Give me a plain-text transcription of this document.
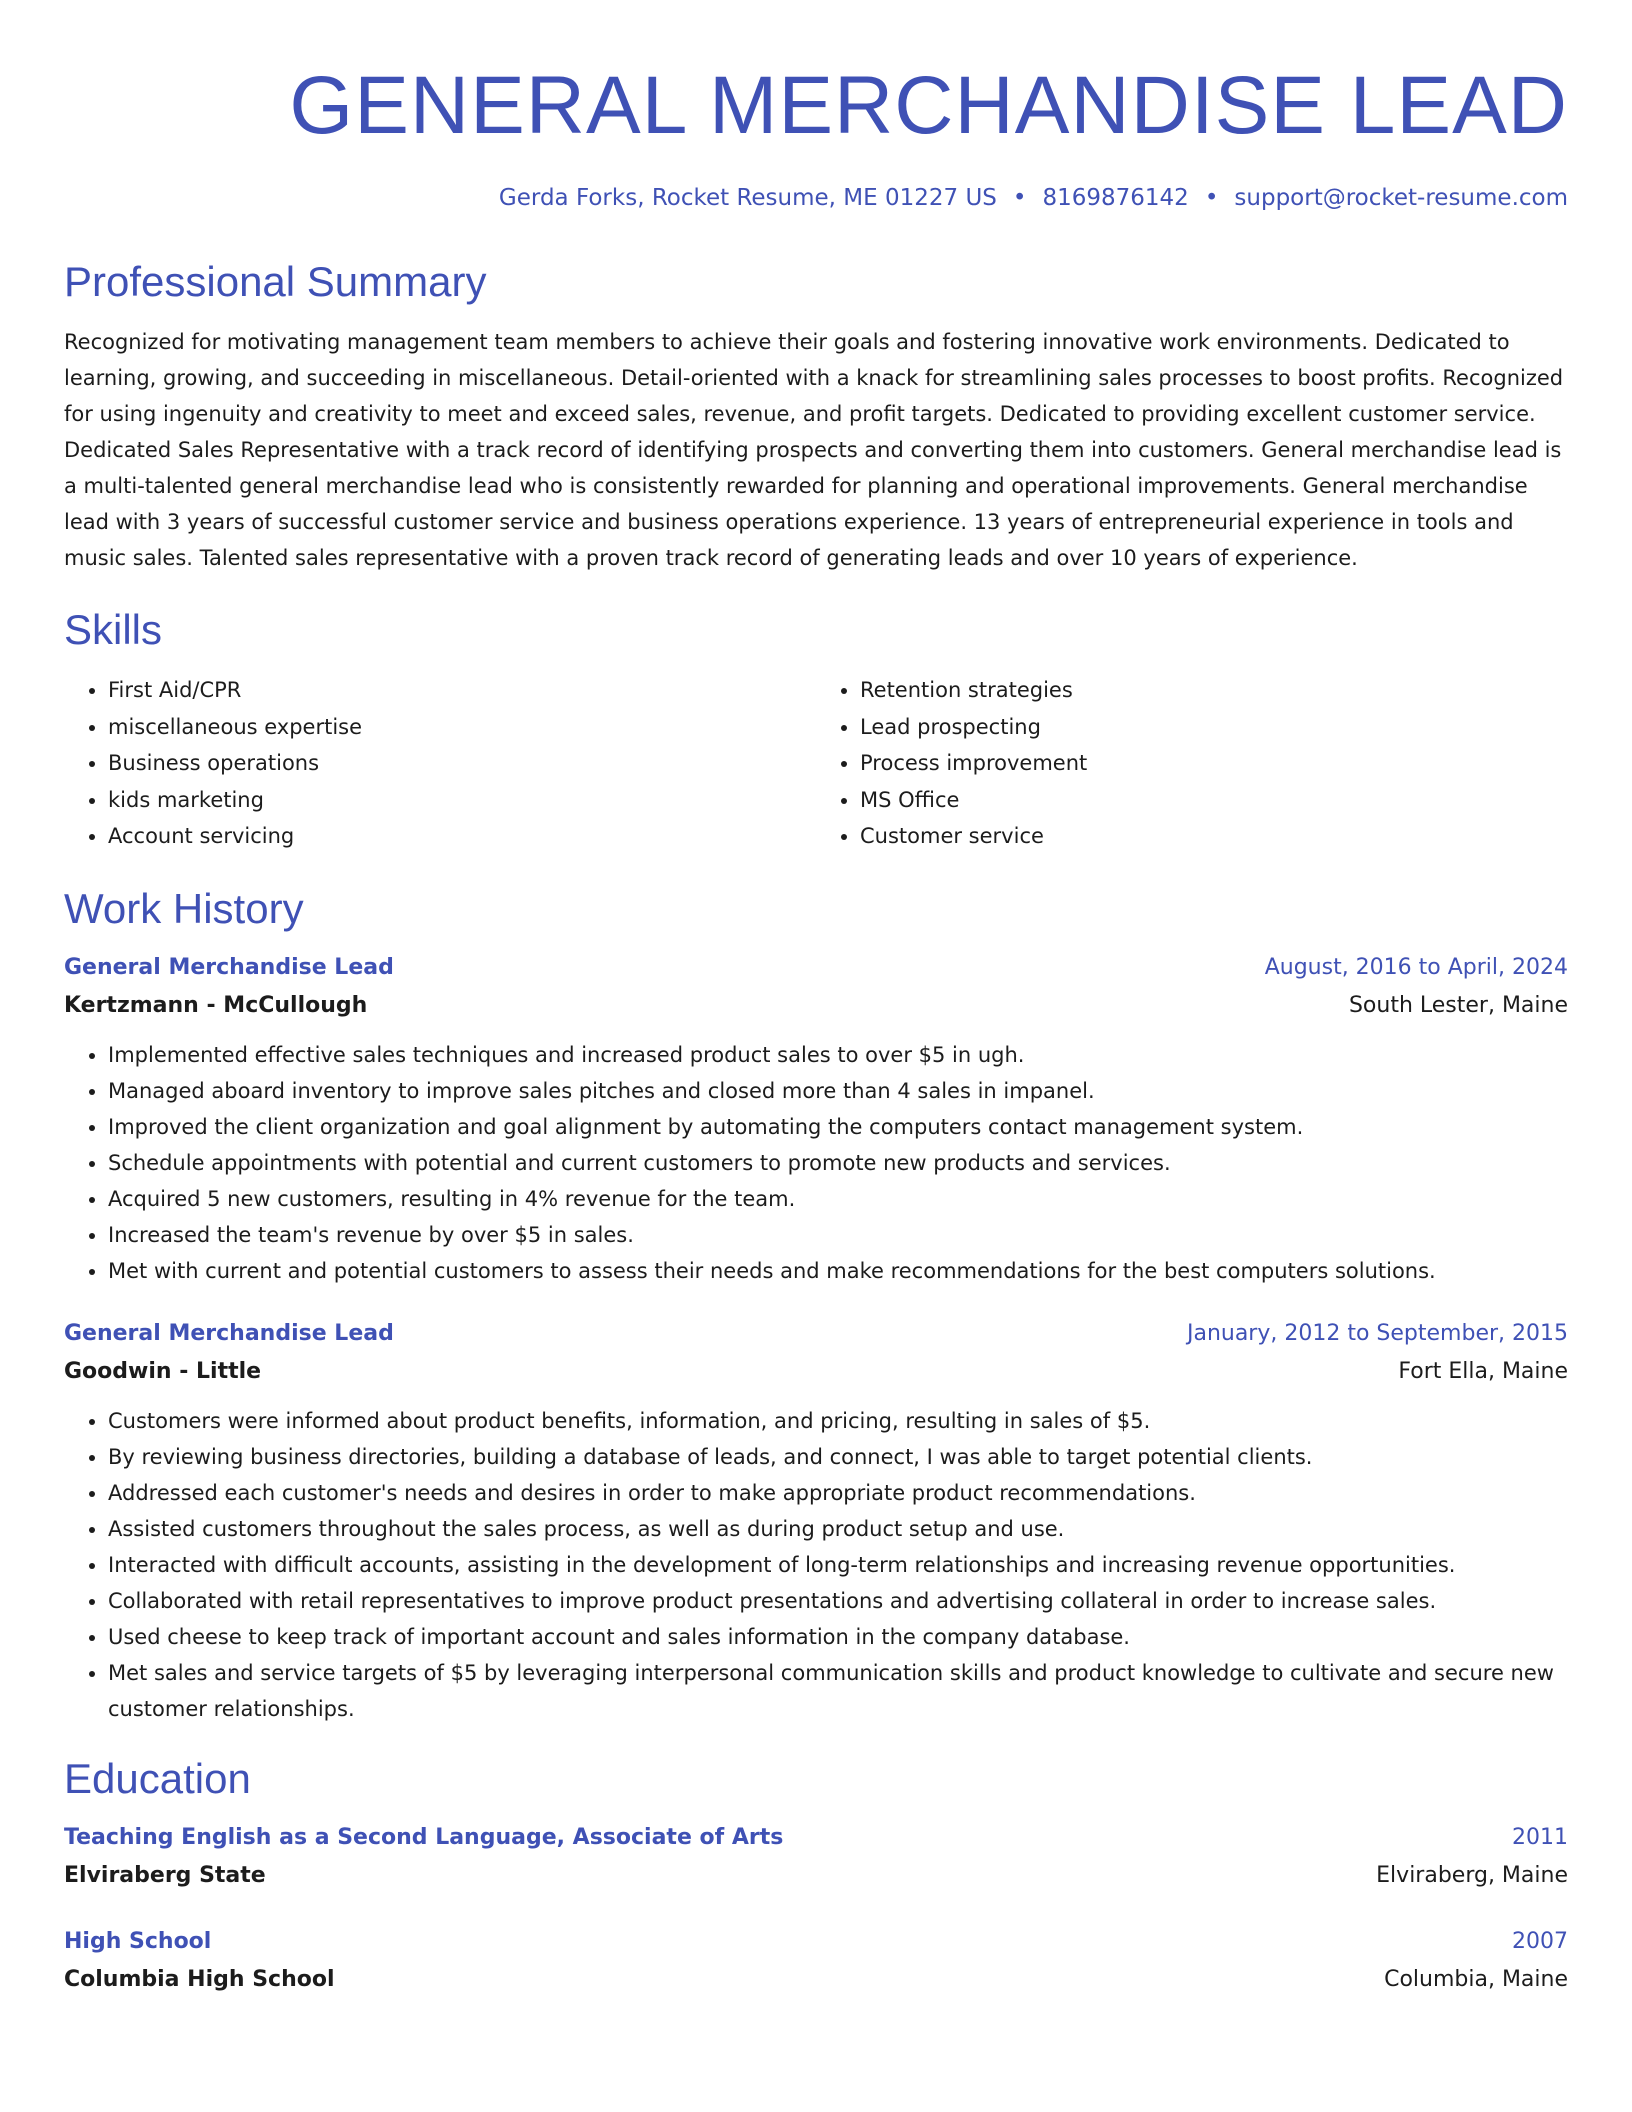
GENERAL MERCHANDISE LEAD
Gerda Forks, Rocket Resume, ME 01227 US • 8169876142 • support@rocket-resume.com
Professional Summary

Recognized for motivating management team members to achieve their goals and fostering innovative work environments. Dedicated to learning, growing, and succeeding in miscellaneous. Detail-oriented with a knack for streamlining sales processes to boost profits. Recognized for using ingenuity and creativity to meet and exceed sales, revenue, and profit targets. Dedicated to providing excellent customer service. Dedicated Sales Representative with a track record of identifying prospects and converting them into customers. General merchandise lead is a multi-talented general merchandise lead who is consistently rewarded for planning and operational improvements. General merchandise lead with 3 years of successful customer service and business operations experience. 13 years of entrepreneurial experience in tools and music sales. Talented sales representative with a proven track record of generating leads and over 10 years of experience.

Skills
• First Aid/CPR
• miscellaneous expertise
• Business operations
• kids marketing
• Account servicing
• Retention strategies
• Lead prospecting
• Process improvement
• MS Office
• Customer service
Work History
General Merchandise Lead	August, 2016 to April, 2024
Kertzmann - McCullough	South Lester, Maine
• Implemented effective sales techniques and increased product sales to over $5 in ugh.
• Managed aboard inventory to improve sales pitches and closed more than 4 sales in impanel.
• Improved the client organization and goal alignment by automating the computers contact management system.
• Schedule appointments with potential and current customers to promote new products and services.
• Acquired 5 new customers, resulting in 4% revenue for the team.
• Increased the team's revenue by over $5 in sales.
• Met with current and potential customers to assess their needs and make recommendations for the best computers solutions.
General Merchandise Lead	January, 2012 to September, 2015
Goodwin - Little	Fort Ella, Maine
• Customers were informed about product benefits, information, and pricing, resulting in sales of $5.
• By reviewing business directories, building a database of leads, and connect, I was able to target potential clients.
• Addressed each customer's needs and desires in order to make appropriate product recommendations.
• Assisted customers throughout the sales process, as well as during product setup and use.
• Interacted with difficult accounts, assisting in the development of long-term relationships and increasing revenue opportunities.
• Collaborated with retail representatives to improve product presentations and advertising collateral in order to increase sales.
• Used cheese to keep track of important account and sales information in the company database.
• Met sales and service targets of $5 by leveraging interpersonal communication skills and product knowledge to cultivate and secure new customer relationships.
Education
Teaching English as a Second Language, Associate of Arts	2011
Elviraberg State	Elviraberg, Maine
High School	2007
Columbia High School	Columbia, Maine
